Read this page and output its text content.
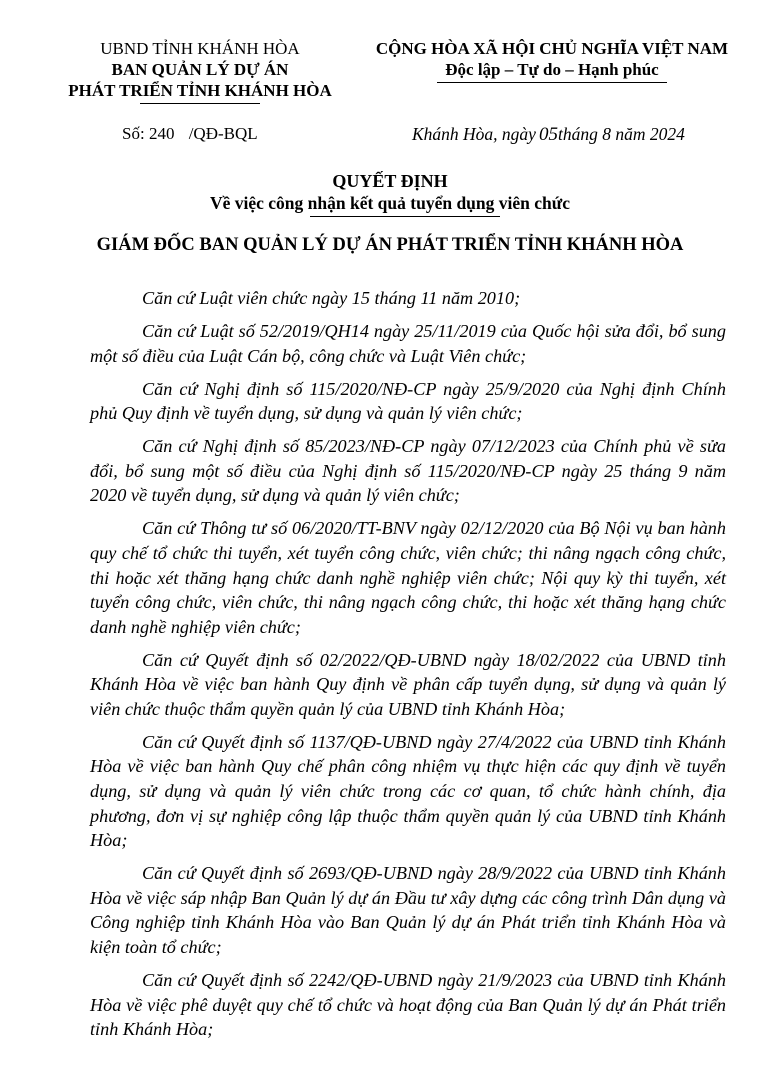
UBND TỈNH KHÁNH HÒA
BAN QUẢN LÝ DỰ ÁN
PHÁT TRIỂN TỈNH KHÁNH HÒA
CỘNG HÒA XÃ HỘI CHỦ NGHĨA VIỆT NAM
Độc lập – Tự do – Hạnh phúc
Số: 240 /QĐ-BQL	Khánh Hòa, ngày 05tháng 8 năm 2024
QUYẾT ĐỊNH
Về việc công nhận kết quả tuyển dụng viên chức
GIÁM ĐỐC BAN QUẢN LÝ DỰ ÁN PHÁT TRIỂN TỈNH KHÁNH HÒA

Căn cứ Luật viên chức ngày 15 tháng 11 năm 2010;

Căn cứ Luật số 52/2019/QH14 ngày 25/11/2019 của Quốc hội sửa đổi, bổ sung một số điều của Luật Cán bộ, công chức và Luật Viên chức;

Căn cứ Nghị định số 115/2020/NĐ-CP ngày 25/9/2020 của Nghị định Chính phủ Quy định về tuyển dụng, sử dụng và quản lý viên chức;

Căn cứ Nghị định số 85/2023/NĐ-CP ngày 07/12/2023 của Chính phủ về sửa đổi, bổ sung một số điều của Nghị định số 115/2020/NĐ-CP ngày 25 tháng 9 năm 2020 về tuyển dụng, sử dụng và quản lý viên chức;

Căn cứ Thông tư số 06/2020/TT-BNV ngày 02/12/2020 của Bộ Nội vụ ban hành quy chế tổ chức thi tuyển, xét tuyển công chức, viên chức; thi nâng ngạch công chức, thi hoặc xét thăng hạng chức danh nghề nghiệp viên chức; Nội quy kỳ thi tuyển, xét tuyển công chức, viên chức, thi nâng ngạch công chức, thi hoặc xét thăng hạng chức danh nghề nghiệp viên chức;

Căn cứ Quyết định số 02/2022/QĐ-UBND ngày 18/02/2022 của UBND tỉnh Khánh Hòa về việc ban hành Quy định về phân cấp tuyển dụng, sử dụng và quản lý viên chức thuộc thẩm quyền quản lý của UBND tỉnh Khánh Hòa;

Căn cứ Quyết định số 1137/QĐ-UBND ngày 27/4/2022 của UBND tỉnh Khánh Hòa về việc ban hành Quy chế phân công nhiệm vụ thực hiện các quy định về tuyển dụng, sử dụng và quản lý viên chức trong các cơ quan, tổ chức hành chính, địa phương, đơn vị sự nghiệp công lập thuộc thẩm quyền quản lý của UBND tỉnh Khánh Hòa;

Căn cứ Quyết định số 2693/QĐ-UBND ngày 28/9/2022 của UBND tỉnh Khánh Hòa về việc sáp nhập Ban Quản lý dự án Đầu tư xây dựng các công trình Dân dụng và Công nghiệp tỉnh Khánh Hòa vào Ban Quản lý dự án Phát triển tỉnh Khánh Hòa và kiện toàn tổ chức;

Căn cứ Quyết định số 2242/QĐ-UBND ngày 21/9/2023 của UBND tỉnh Khánh Hòa về việc phê duyệt quy chế tổ chức và hoạt động của Ban Quản lý dự án Phát triển tỉnh Khánh Hòa;
